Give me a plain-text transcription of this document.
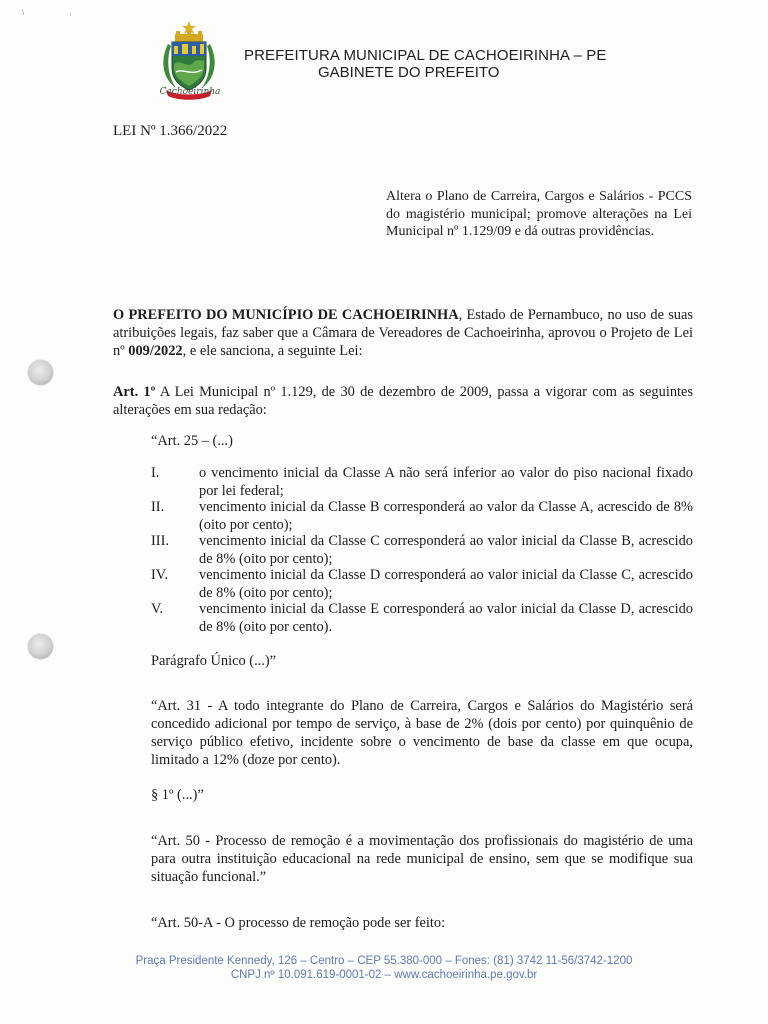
\	'
Cachoeirinha
PREFEITURA MUNICIPAL DE CACHOEIRINHA – PE
GABINETE DO PREFEITO
LEI Nº 1.366/2022
Altera o Plano de Carreira, Cargos e Salários - PCCS do magistério municipal; promove alterações na Lei Municipal nº 1.129/09 e dá outras providências.
O PREFEITO DO MUNICÍPIO DE CACHOEIRINHA, Estado de Pernambuco, no uso de suas atribuições legais, faz saber que a Câmara de Vereadores de Cachoeirinha, aprovou o Projeto de Lei nº 009/2022, e ele sanciona, a seguinte Lei:
Art. 1º A Lei Municipal nº 1.129, de 30 de dezembro de 2009, passa a vigorar com as seguintes alterações em sua redação:
“Art. 25 – (...)
I.	o vencimento inicial da Classe A não será inferior ao valor do piso nacional fixado por lei federal;
II. vencimento inicial da Classe B corresponderá ao valor da Classe A, acrescido de 8% (oito por cento);
III. vencimento inicial da Classe C corresponderá ao valor inicial da Classe B, acrescido de 8% (oito por cento);
IV. vencimento inicial da Classe D corresponderá ao valor inicial da Classe C, acrescido de 8% (oito por cento);
V. vencimento inicial da Classe E corresponderá ao valor inicial da Classe D, acrescido de 8% (oito por cento).
Parágrafo Único (...)”
“Art. 31 - A todo integrante do Plano de Carreira, Cargos e Salários do Magistério será concedido adicional por tempo de serviço, à base de 2% (dois por cento) por quinquênio de serviço público efetivo, incidente sobre o vencimento de base da classe em que ocupa, limitado a 12% (doze por cento).
§ 1º (...)”
“Art. 50 - Processo de remoção é a movimentação dos profissionais do magistério de uma para outra instituição educacional na rede municipal de ensino, sem que se modifique sua situação funcional.”
“Art. 50-A - O processo de remoção pode ser feito:
Praça Presidente Kennedy, 126 – Centro – CEP 55.380-000 – Fones: (81) 3742 11-56/3742-1200
CNPJ nº 10.091.619-0001-02 – www.cachoeirinha.pe.gov.br
